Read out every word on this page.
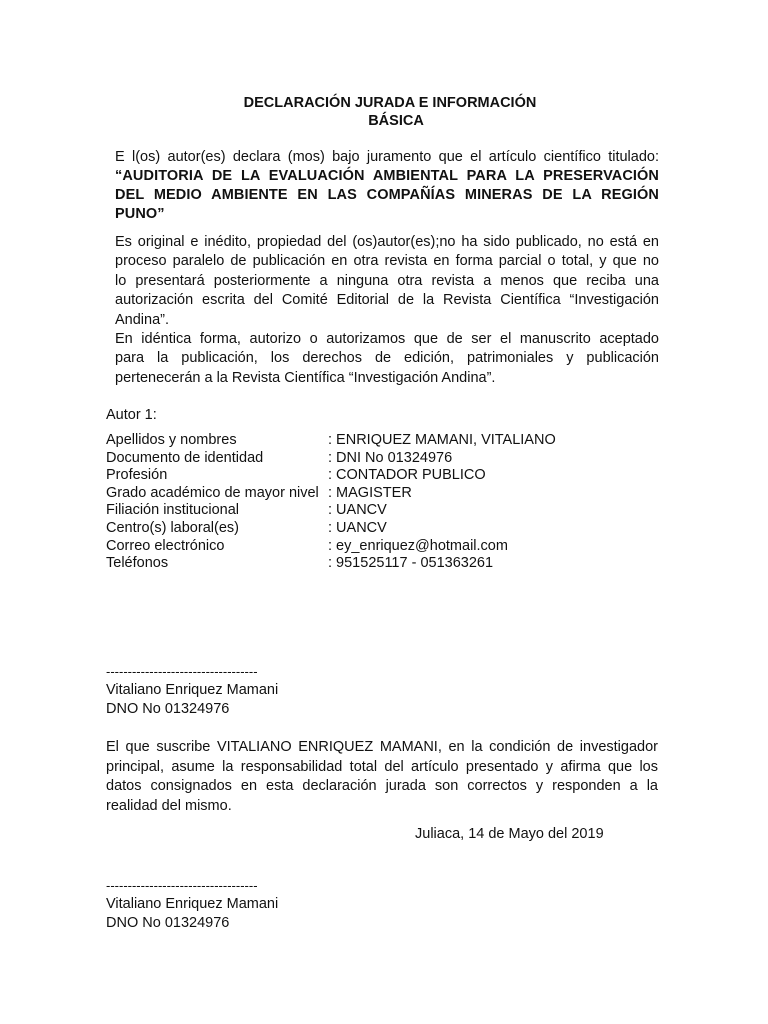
DECLARACIÓN JURADA E INFORMACIÓN
BÁSICA
E l(os) autor(es) declara (mos) bajo juramento que el artículo científico titulado:
“AUDITORIA DE LA EVALUACIÓN AMBIENTAL PARA LA PRESERVACIÓN
DEL MEDIO AMBIENTE EN LAS COMPAÑÍAS MINERAS DE LA REGIÓN
PUNO”
Es original e inédito, propiedad del (os)autor(es);no ha sido publicado, no está en
proceso paralelo de publicación en otra revista en forma parcial o total, y que no
lo presentará posteriormente a ninguna otra revista a menos que reciba una
autorización escrita del Comité Editorial de la Revista Científica “Investigación
Andina”.
En idéntica forma, autorizo o autorizamos que de ser el manuscrito aceptado
para la publicación, los derechos de edición, patrimoniales y publicación
pertenecerán a la Revista Científica “Investigación Andina”.
Autor 1:
Apellidos y nombres	: ENRIQUEZ MAMANI, VITALIANO
Documento de identidad	: DNI No 01324976
Profesión	: CONTADOR PUBLICO
Grado académico de mayor nivel : MAGISTER
Filiación institucional	: UANCV
Centro(s) laboral(es)	: UANCV
Correo electrónico	: ey_enriquez@hotmail.com
Teléfonos	: 951525117 - 051363261
-----------------------------------
Vitaliano Enriquez Mamani
DNO No 01324976
El que suscribe VITALIANO ENRIQUEZ MAMANI, en la condición de investigador
principal, asume la responsabilidad total del artículo presentado y afirma que los
datos consignados en esta declaración jurada son correctos y responden a la
realidad del mismo.
Juliaca, 14 de Mayo del 2019
-----------------------------------
Vitaliano Enriquez Mamani
DNO No 01324976
